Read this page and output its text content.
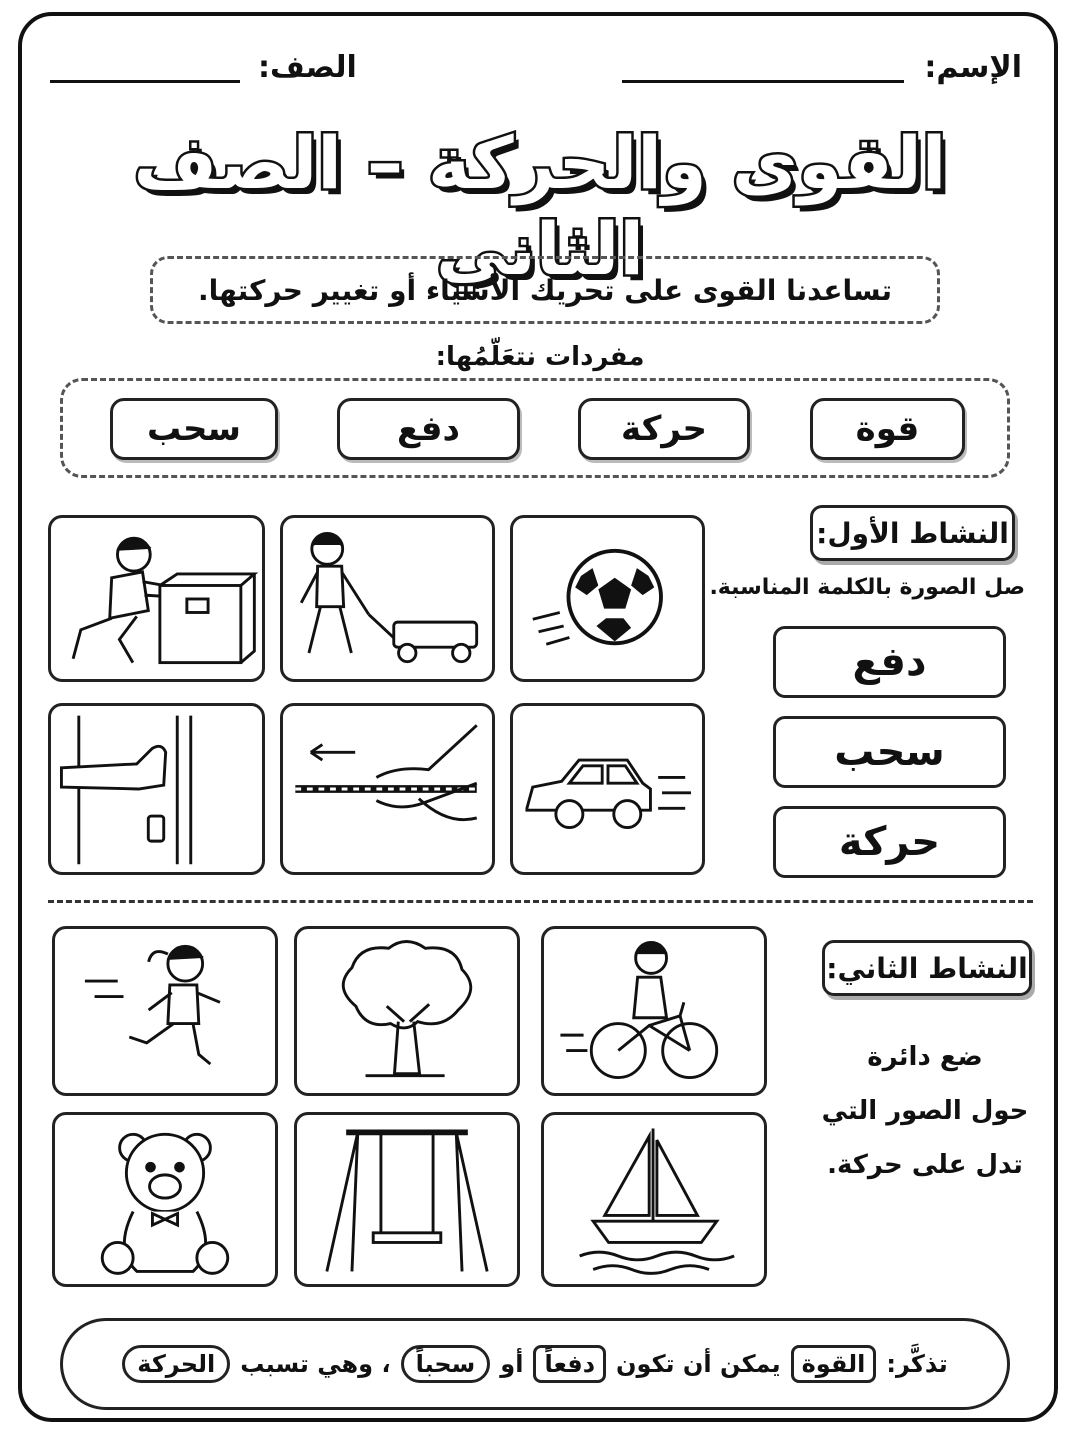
الإسم:
الصف:
القوى والحركة – الصف الثاني
تساعدنا القوى على تحريك الأشياء أو تغيير حركتها.
مفردات نتعَلّمُها:
قوة
حركة
دفع
سحب
النشاط الأول:
صل الصورة بالكلمة المناسبة.
دفع
سحب
حركة
النشاط الثاني:
ضع دائرة
حول الصور التي
تدل على حركة.
تذكَّر:
القوة
يمكن أن تكون
دفعاً
أو
سحباً
، وهي تسبب
الحركة
